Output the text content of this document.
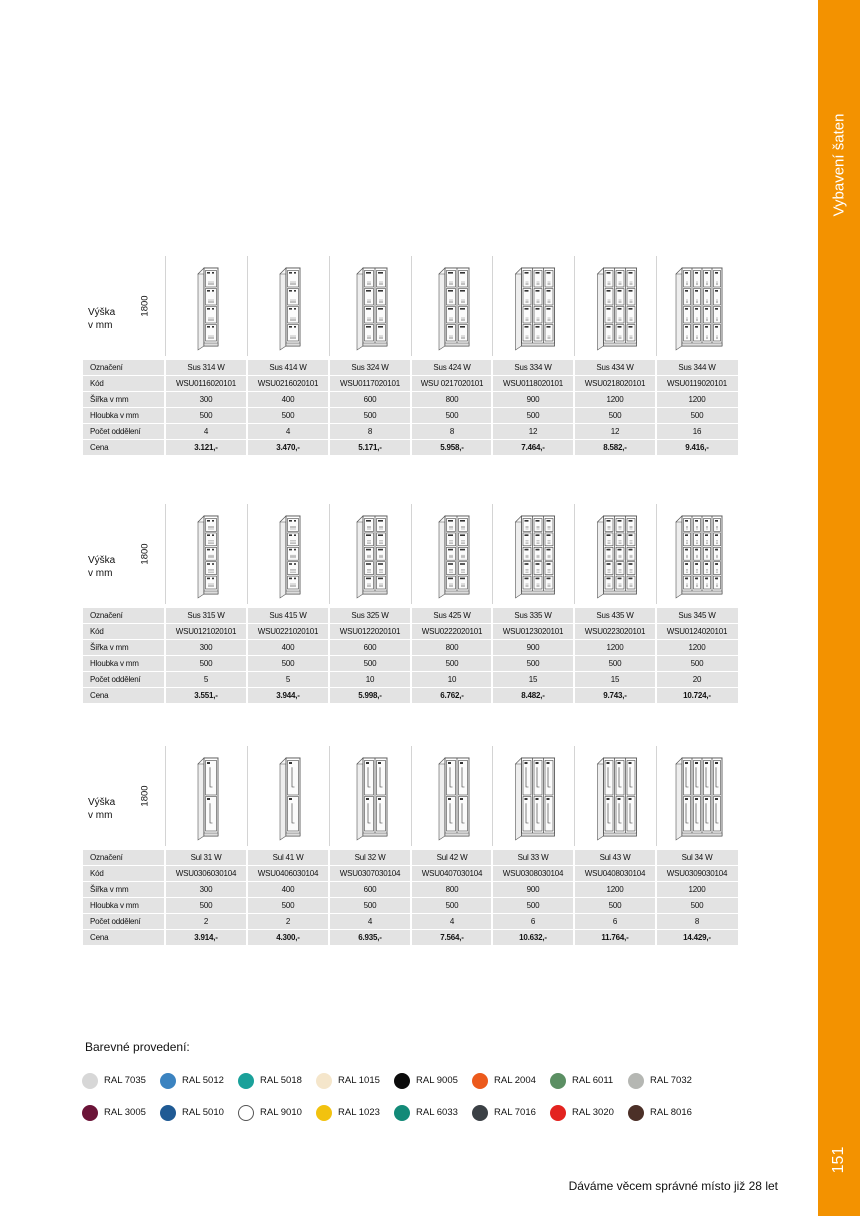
Vybavení šaten
151
Výška
v mm
1800
Označení	Sus 314 W	Sus 414 W	Sus 324 W	Sus 424 W	Sus 334 W	Sus 434 W	Sus 344 W
Kód	WSU0116020101	WSU0216020101	WSU0117020101	WSU 0217020101	WSU0118020101	WSU0218020101	WSU0119020101
Šířka v mm	300	400	600	800	900	1200	1200
Hloubka v mm	500	500	500	500	500	500	500
Počet oddělení	4	4	8	8	12	12	16
Cena	3.121,-	3.470,-	5.171,-	5.958,-	7.464,-	8.582,-	9.416,-
Výška
v mm
1800
Označení	Sus 315 W	Sus 415 W	Sus 325 W	Sus 425 W	Sus 335 W	Sus 435 W	Sus 345 W
Kód	WSU0121020101	WSU0221020101	WSU0122020101	WSU0222020101	WSU0123020101	WSU0223020101	WSU0124020101
Šířka v mm	300	400	600	800	900	1200	1200
Hloubka v mm	500	500	500	500	500	500	500
Počet oddělení	5	5	10	10	15	15	20
Cena	3.551,-	3.944,-	5.998,-	6.762,-	8.482,-	9.743,-	10.724,-
Výška
v mm
1800
Označení	Sul 31 W	Sul 41 W	Sul 32 W	Sul 42 W	Sul 33 W	Sul 43 W	Sul 34 W
Kód	WSU0306030104	WSU0406030104	WSU0307030104	WSU0407030104	WSU0308030104	WSU0408030104	WSU0309030104
Šířka v mm	300	400	600	800	900	1200	1200
Hloubka v mm	500	500	500	500	500	500	500
Počet oddělení	2	2	4	4	6	6	8
Cena	3.914,-	4.300,-	6.935,-	7.564,-	10.632,-	11.764,-	14.429,-
Barevné provedení:
RAL 7035	RAL 5012	RAL 5018	RAL 1015	RAL 9005	RAL 2004	RAL 6011	RAL 7032
RAL 3005	RAL 5010	RAL 9010	RAL 1023	RAL 6033	RAL 7016	RAL 3020	RAL 8016
Dáváme věcem správné místo již 28 let
